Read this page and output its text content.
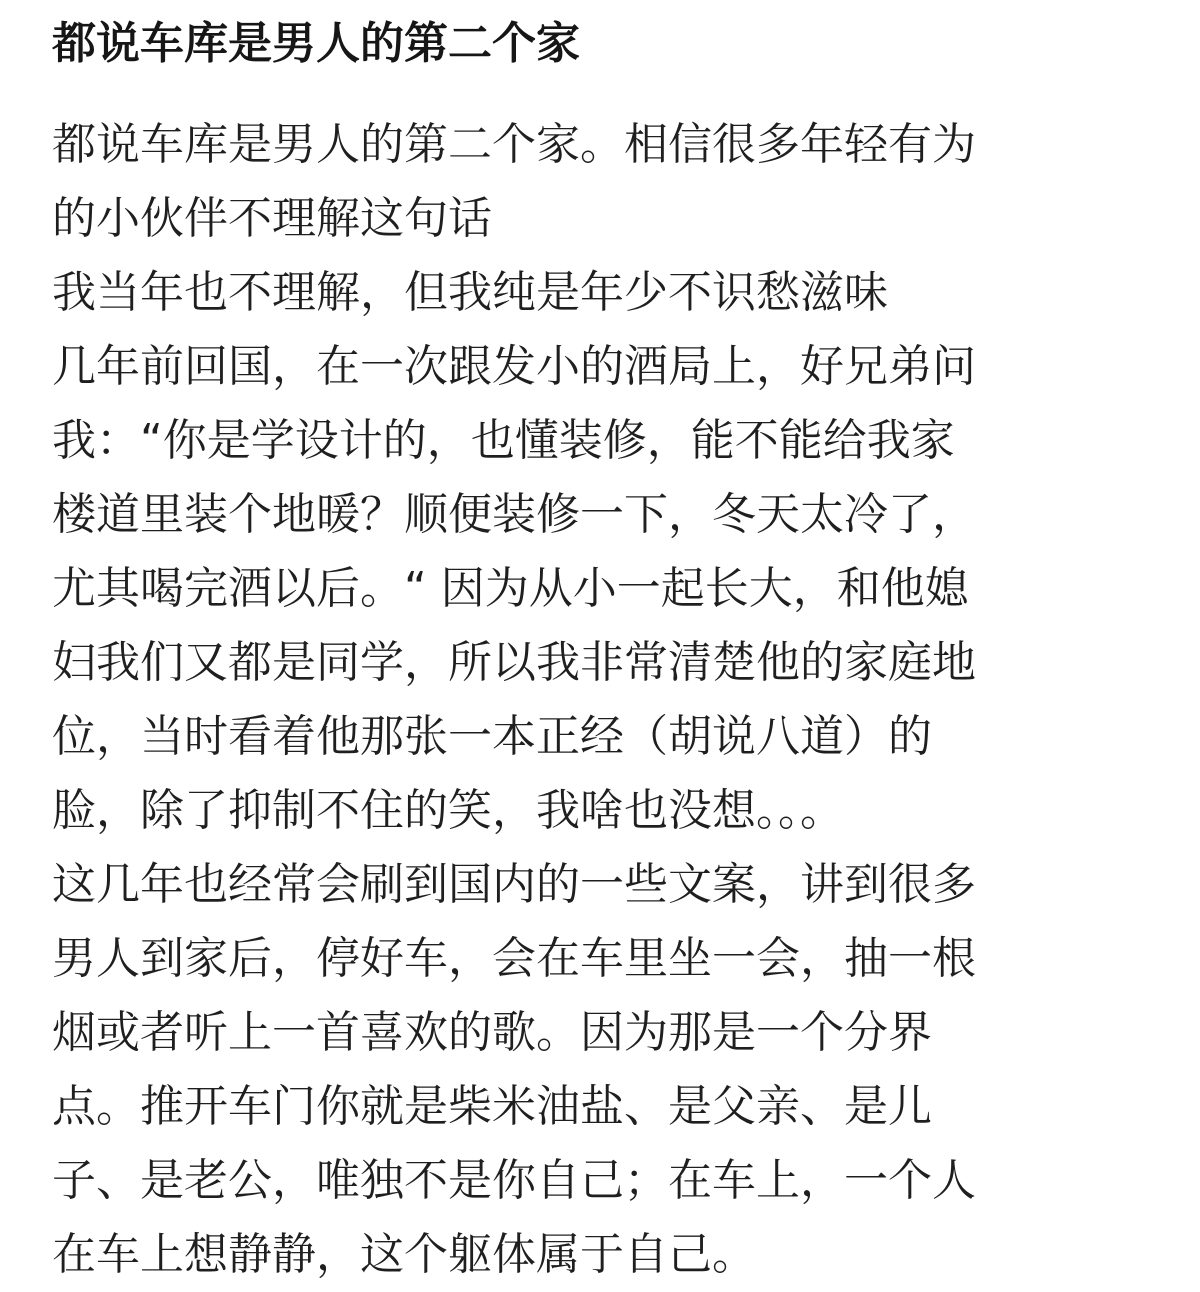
都说车库是男人的第二个家
都说车库是男人的第二个家。相信很多年轻有为
的小伙伴不理解这句话
我当年也不理解，但我纯是年少不识愁滋味
几年前回国，在一次跟发小的酒局上，好兄弟问
我：“你是学设计的，也懂装修，能不能给我家
楼道里装个地暖？顺便装修一下，冬天太冷了，
尤其喝完酒以后。“ 因为从小一起长大，和他媳
妇我们又都是同学，所以我非常清楚他的家庭地
位，当时看着他那张一本正经（胡说八道）的
脸，除了抑制不住的笑，我啥也没想。。。
这几年也经常会刷到国内的一些文案，讲到很多
男人到家后，停好车，会在车里坐一会，抽一根
烟或者听上一首喜欢的歌。因为那是一个分界
点。推开车门你就是柴米油盐、是父亲、是儿
子、是老公，唯独不是你自己；在车上，一个人
在车上想静静，这个躯体属于自己。
